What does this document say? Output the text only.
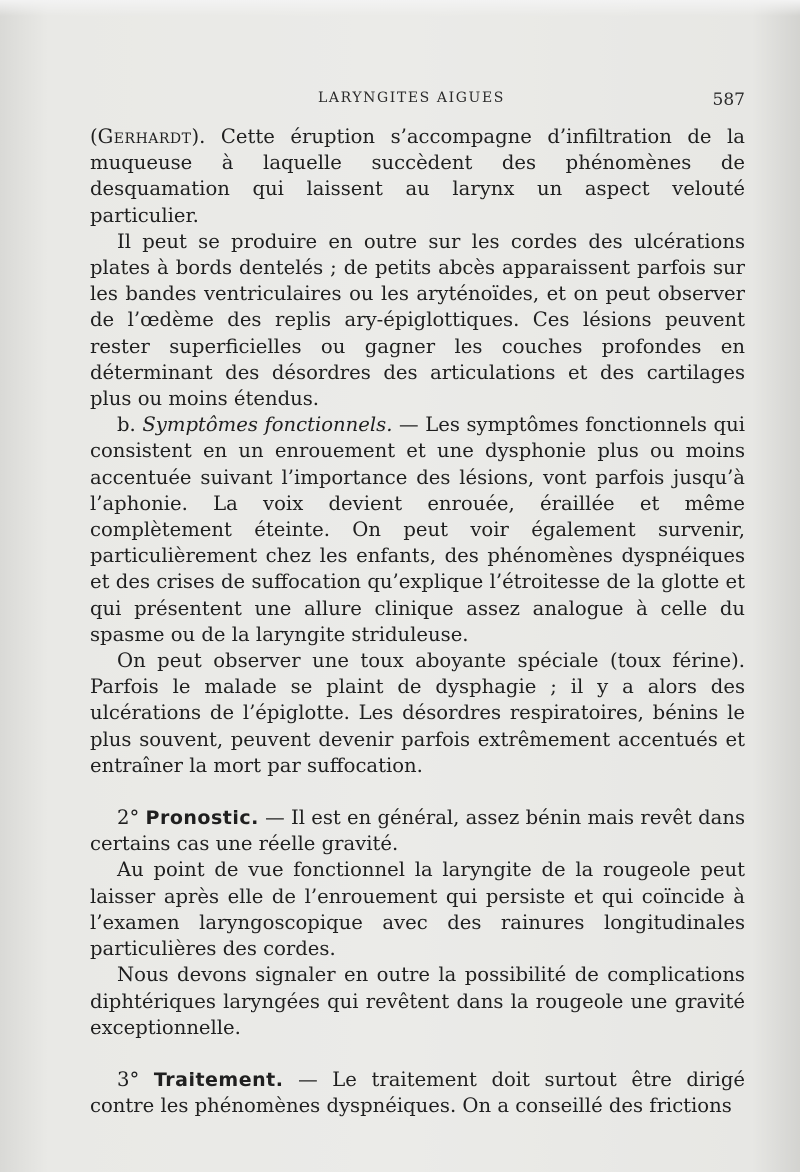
LARYNGITES AIGUES	587

(Gerhardt). Cette éruption s’accompagne d’infiltration de la muqueuse à laquelle succèdent des phénomènes de desquamation qui laissent au larynx un aspect velouté particulier.

Il peut se produire en outre sur les cordes des ulcérations plates à bords dentelés ; de petits abcès apparaissent parfois sur les bandes ventriculaires ou les aryténoïdes, et on peut observer de l’œdème des replis ary-épiglottiques. Ces lésions peuvent rester superficielles ou gagner les couches profondes en déterminant des désordres des articulations et des cartilages plus ou moins étendus.

b. Symptômes fonctionnels. — Les symptômes fonctionnels qui consistent en un enrouement et une dysphonie plus ou moins accentuée suivant l’importance des lésions, vont parfois jusqu’à l’aphonie. La voix devient enrouée, éraillée et même complètement éteinte. On peut voir également survenir, particulièrement chez les enfants, des phénomènes dyspnéiques et des crises de suffocation qu’explique l’étroitesse de la glotte et qui présentent une allure clinique assez analogue à celle du spasme ou de la laryngite striduleuse.

On peut observer une toux aboyante spéciale (toux férine). Parfois le malade se plaint de dysphagie ; il y a alors des ulcérations de l’épiglotte. Les désordres respiratoires, bénins le plus souvent, peuvent devenir parfois extrêmement accentués et entraîner la mort par suffocation.

2° Pronostic. — Il est en général, assez bénin mais revêt dans certains cas une réelle gravité.

Au point de vue fonctionnel la laryngite de la rougeole peut laisser après elle de l’enrouement qui persiste et qui coïncide à l’examen laryngoscopique avec des rainures longitudinales particulières des cordes.

Nous devons signaler en outre la possibilité de complications diphtériques laryngées qui revêtent dans la rougeole une gravité exceptionnelle.

3° Traitement. — Le traitement doit surtout être dirigé contre les phénomènes dyspnéiques. On a conseillé des frictions
